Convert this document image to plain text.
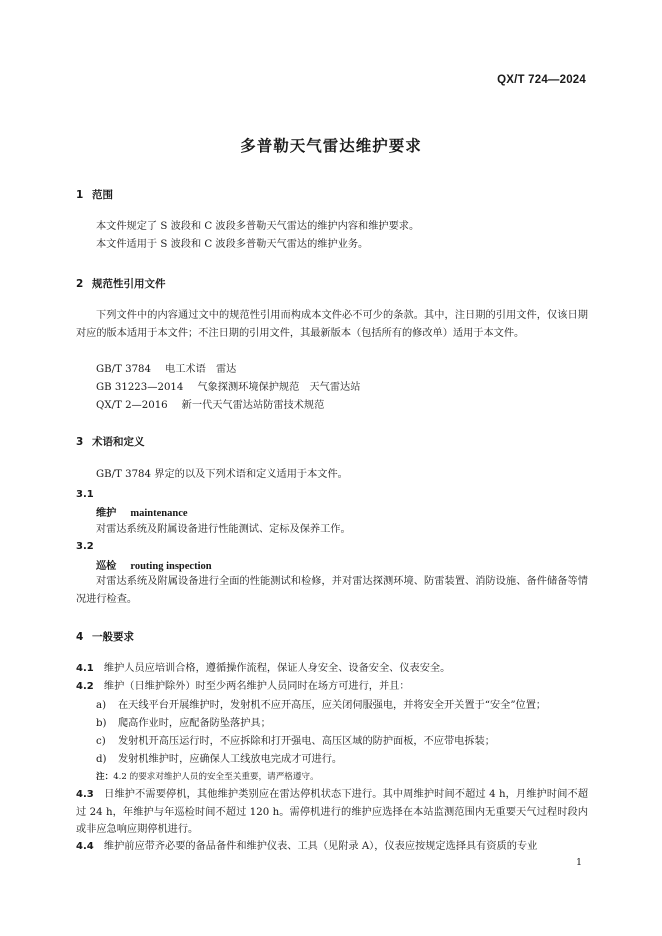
QX/T 724—2024
多普勒天气雷达维护要求
1 范围
本文件规定了 S 波段和 C 波段多普勒天气雷达的维护内容和维护要求。
本文件适用于 S 波段和 C 波段多普勒天气雷达的维护业务。
2 规范性引用文件
下列文件中的内容通过文中的规范性引用而构成本文件必不可少的条款。其中，注日期的引用文件，仅该日期对应的版本适用于本文件；不注日期的引用文件，其最新版本（包括所有的修改单）适用于本文件。
GB/T 3784 电工术语　雷达
GB 31223—2014 气象探测环境保护规范　天气雷达站
QX/T 2—2016 新一代天气雷达站防雷技术规范
3 术语和定义
GB/T 3784 界定的以及下列术语和定义适用于本文件。
3.1
维护 maintenance
对雷达系统及附属设备进行性能测试、定标及保养工作。
3.2
巡检 routing inspection
对雷达系统及附属设备进行全面的性能测试和检修，并对雷达探测环境、防雷装置、消防设施、备件储备等情况进行检查。
4 一般要求
4.1　 维护人员应培训合格，遵循操作流程，保证人身安全、设备安全、仪表安全。
4.2　 维护（日维护除外）时至少两名维护人员同时在场方可进行，并且：
a) 在天线平台开展维护时，发射机不应开高压，应关闭伺服强电，并将安全开关置于“安全”位置；
b) 爬高作业时，应配备防坠落护具；
c) 发射机开高压运行时，不应拆除和打开强电、高压区域的防护面板，不应带电拆装；
d) 发射机维护时，应确保人工线放电完成才可进行。
注：4.2 的要求对维护人员的安全至关重要，请严格遵守。
4.3　 日维护不需要停机，其他维护类别应在雷达停机状态下进行。其中周维护时间不超过 4 h，月维护时间不超过 24 h，年维护与年巡检时间不超过 120 h。需停机进行的维护应选择在本站监测范围内无重要天气过程时段内或非应急响应期停机进行。
4.4　 维护前应带齐必要的备品备件和维护仪表、工具（见附录 A），仪表应按规定选择具有资质的专业
1
